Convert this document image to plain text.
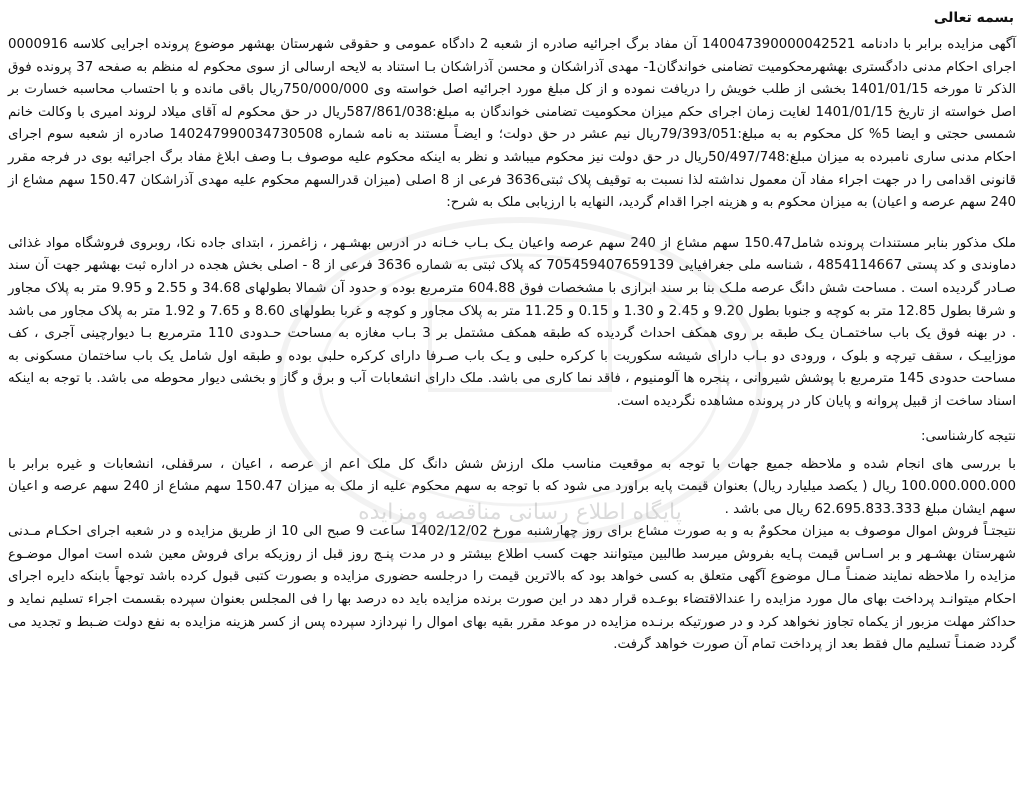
بسمه تعالی

آگهی مزایده برابر با دادنامه 140047390000042521 آن مفاد برگ اجرائیه صادره از شعبه 2 دادگاه عمومی و حقوقی شهرستان بهشهر موضوع پرونده اجرایی کلاسه 0000916 اجرای احکام مدنی دادگستری بهشهرمحکومیت تضامنی خواندگان1- مهدی آذراشکان و محسن آذراشکان بـا استناد به لایحه ارسالی از سوی محکوم له منظم به صفحه 37 پرونده فوق الذکر تا مورخه 1401/01/15 بخشی از طلب خویش را دریافت نموده و از کل مبلغ مورد اجرائیه اصل خواسته وی 750/000/000ریال باقی مانده و با احتساب محاسبه خسارت بر اصل خواسته از تاریخ 1401/01/15 لغایت زمان اجرای حکم میزان محکومیت تضامنی خواندگان به مبلغ:587/861/038ریال در حق محکوم له آقای میلاد لروند امیری با وکالت خانم شمسی حجتی و ایضا 5% کل محکوم به به مبلغ:79/393/051ریال نیم عشر در حق دولت؛ و ایضـاً مستند به نامه شماره 140247990034730508 صادره از شعبه سوم اجرای احکام مدنی ساری نامبرده به میزان مبلغ:50/497/748ریال در حق دولت نیز محکوم میباشد و نظر به اینکه محکوم علیه موصوف بـا وصف ابلاغ مفاد برگ اجرائیه بوی در فرجه مقرر قانونی اقدامی را در جهت اجراء مفاد آن معمول نداشته لذا نسبت به توقیف پلاک ثبتی3636 فرعی از 8 اصلی (میزان قدرالسهم محکوم علیه مهدی آذراشکان 150.47 سهم مشاع از 240 سهم عرصه و اعیان) به میزان محکوم به و هزینه اجرا اقدام گردید، النهایه با ارزیابی ملک به شرح:

ملک مذکور بنابر مستندات پرونده شامل150.47 سهم مشاع از 240 سهم عرصه واعیان یـک بـاب خـانه در ادرس بهشـهر ، زاغمرز ، ابتدای جاده نکا، روبروی فروشگاه مواد غذائی دماوندی و کد پستی 4854114667 ، شناسه ملی جغرافیایی 705459407659139 که پلاک ثبتی به شماره 3636 فرعی از 8 - اصلی بخش هجده در اداره ثبت بهشهر جهت آن سند صـادر گردیده است . مساحت شش دانگ عرصه ملـک بنا بر سند ابرازی با مشخصات فوق 604.88 مترمربع بوده و حدود آن شمالا بطولهای 34.68 و 2.55 و 9.95 متر به پلاک مجاور و شرقا بطول 12.85 متر به کوچه و جنوبا بطول 9.20 و 2.45 و 1.30 و 0.15 و 11.25 متر به پلاک مجاور و کوچه و غربا بطولهای 8.60 و 7.65 و 1.92 متر به پلاک مجاور می باشد . در بهنه فوق یک باب ساختمـان یـک طبقه بر روی همکف احداث گردیده که طبقه همکف مشتمل بر 3 بـاب مغازه به مساحت حـدودی 110 مترمربع بـا دیوارچینی آجری ، کف موزاییـک ، سقف تیرچه و بلوک ، ورودی دو بـاب دارای شیشه سکوریت با کرکره حلبی و یـک باب صـرفا دارای کرکره حلبی بوده و طبقه اول شامل یک باب ساختمان مسکونی به مساحت حدودی 145 مترمربع با پوشش شیروانی ، پنجره ها آلومنیوم ، فاقد نما کاری می باشد. ملک دارای انشعابات آب و برق و گاز و بخشی دیوار محوطه می باشد. با توجه به اینکه اسناد ساخت از قبیل پروانه و پایان کار در پرونده مشاهده نگردیده است.

نتیجه کارشناسی:

با بررسی های انجام شده و ملاحظه جمیع جهات با توجه به موقعیت مناسب ملک ارزش شش دانگ کل ملک اعم از عرصه ، اعیان ، سرقفلی، انشعابات و غیره برابر با 100.000.000.000 ریال ( یکصد میلیارد ریال) بعنوان قیمت پایه براورد می شود که با توجه به سهم محکوم علیه از ملک به میزان 150.47 سهم مشاع از 240 سهم عرصه و اعیان سهم ایشان مبلغ 62.695.833.333 ریال می باشد .

نتیجتـاً فروش اموال موصوف به میزان محکومٌ به و به صورت مشاع برای روز چهارشنبه مورخ 1402/12/02 ساعت 9 صبح الی 10 از طریق مزایده و در شعبه اجرای احکـام مـدنی شهرستان بهشـهر و بر اسـاس قیمت پـایه بفروش میرسد طالبین میتوانند جهت کسب اطلاع بیشتر و در مدت پنـج روز قبل از روزیکه برای فروش معین شده است اموال موضـوع مزایده را ملاحظه نمایند ضمنـاً مـال موضوع آگهی متعلق به کسی خواهد بود که بالاترین قیمت را درجلسه حضوری مزایده و بصورت کتبی قبول کرده باشد توجهاً بابنکه دایره اجرای احکام میتوانـد پرداخت بهای مال مورد مزایده را عندالاقتضاء بوعـده قرار دهد در این صورت برنده مزایده باید ده درصد بها را فی المجلس بعنوان سپرده بقسمت اجراء تسلیم نماید و حداکثر مهلت مزبور از یکماه تجاوز نخواهد کرد و در صورتیکه برنـده مزایده در موعد مقرر بقیه بهای اموال را نپردازد سپرده پس از کسر هزینه مزایده به نفع دولت ضـبط و تجدید می گردد ضمنـاً تسلیم مال فقط بعد از پرداخت تمام آن صورت خواهد گرفت.

پایگاه اطلاع رسانی مناقصه ومزایده
